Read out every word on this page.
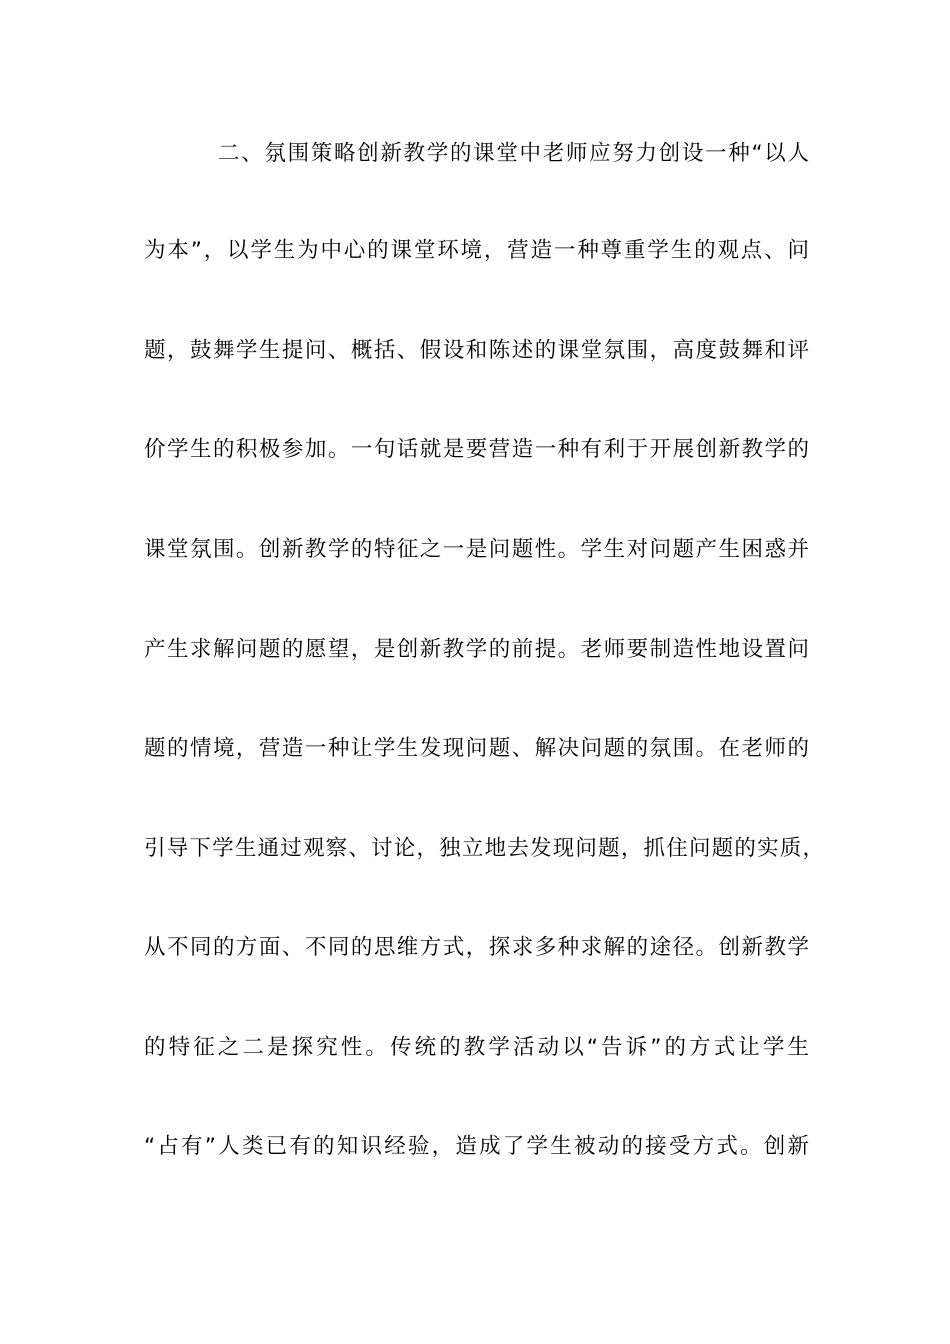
二、氛围策略创新教学的课堂中老师应努力创设一种“以人
为本”，以学生为中心的课堂环境，营造一种尊重学生的观点、问
题，鼓舞学生提问、概括、假设和陈述的课堂氛围，高度鼓舞和评
价学生的积极参加。一句话就是要营造一种有利于开展创新教学的
课堂氛围。创新教学的特征之一是问题性。学生对问题产生困惑并
产生求解问题的愿望，是创新教学的前提。老师要制造性地设置问
题的情境，营造一种让学生发现问题、解决问题的氛围。在老师的
引导下学生通过观察、讨论，独立地去发现问题，抓住问题的实质，
从不同的方面、不同的思维方式，探求多种求解的途径。创新教学
的特征之二是探究性。传统的教学活动以“告诉”的方式让学生
“占有”人类已有的知识经验，造成了学生被动的接受方式。创新
